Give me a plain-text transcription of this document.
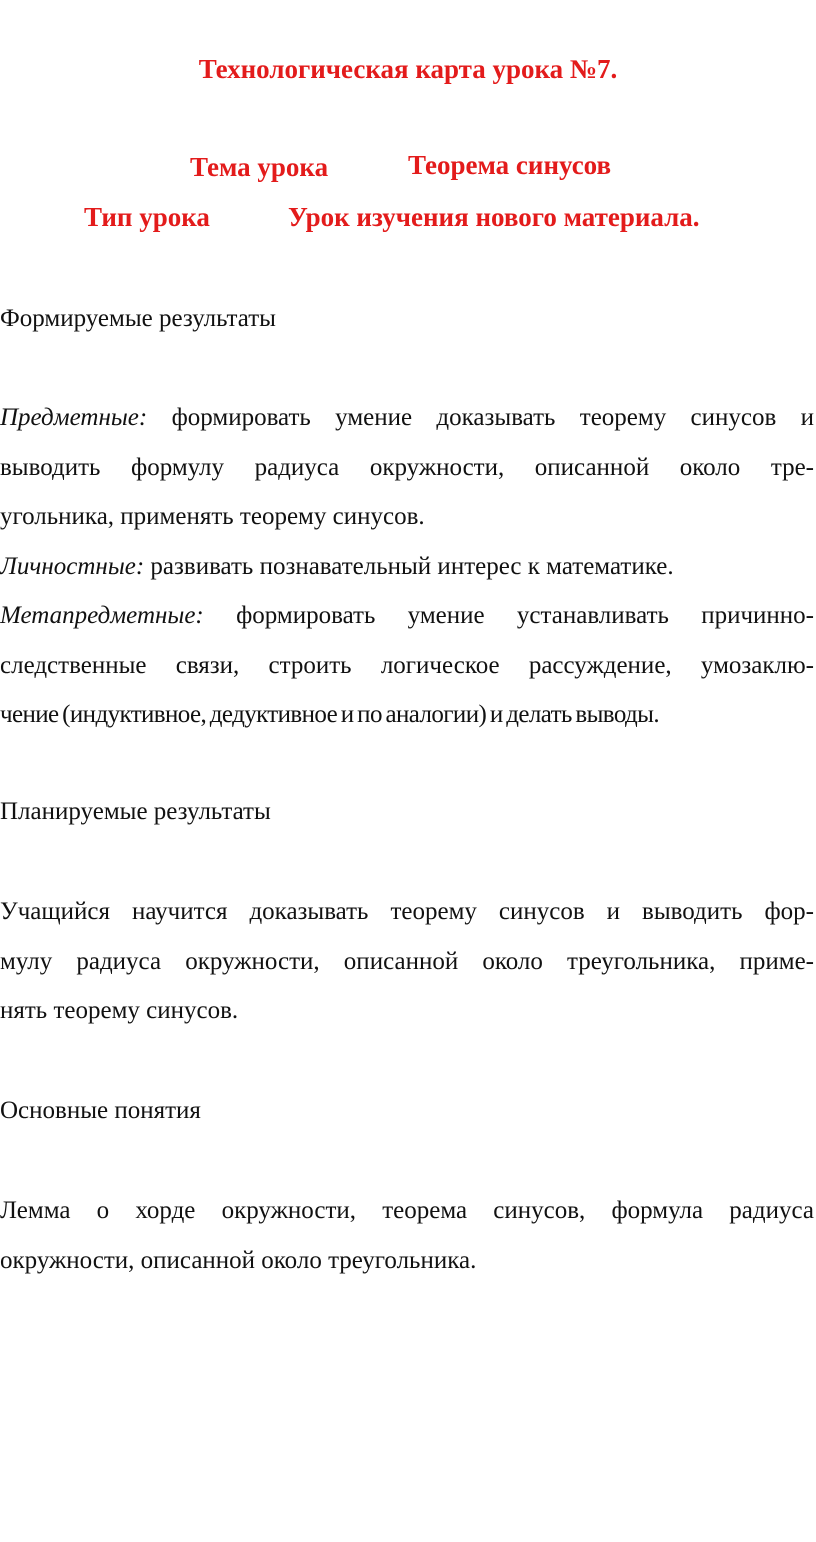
Технологическая карта урока №7.
Тема урока	Теорема синусов
Тип урока	Урок изучения нового материала.
Формируемые результаты
Предметные: формировать умение доказывать теорему синусов и
выводить формулу радиуса окружности, описанной около тре-
угольника, применять теорему синусов.
Личностные: развивать познавательный интерес к математике.
Метапредметные: формировать умение устанавливать причинно-
следственные связи, строить логическое рассуждение, умозаклю-
чение (индуктивное, дедуктивное и по аналогии) и делать выводы.
Планируемые результаты
Учащийся научится доказывать теорему синусов и выводить фор-
мулу радиуса окружности, описанной около треугольника, приме-
нять теорему синусов.
Основные понятия
Лемма о хорде окружности, теорема синусов, формула радиуса
окружности, описанной около треугольника.
